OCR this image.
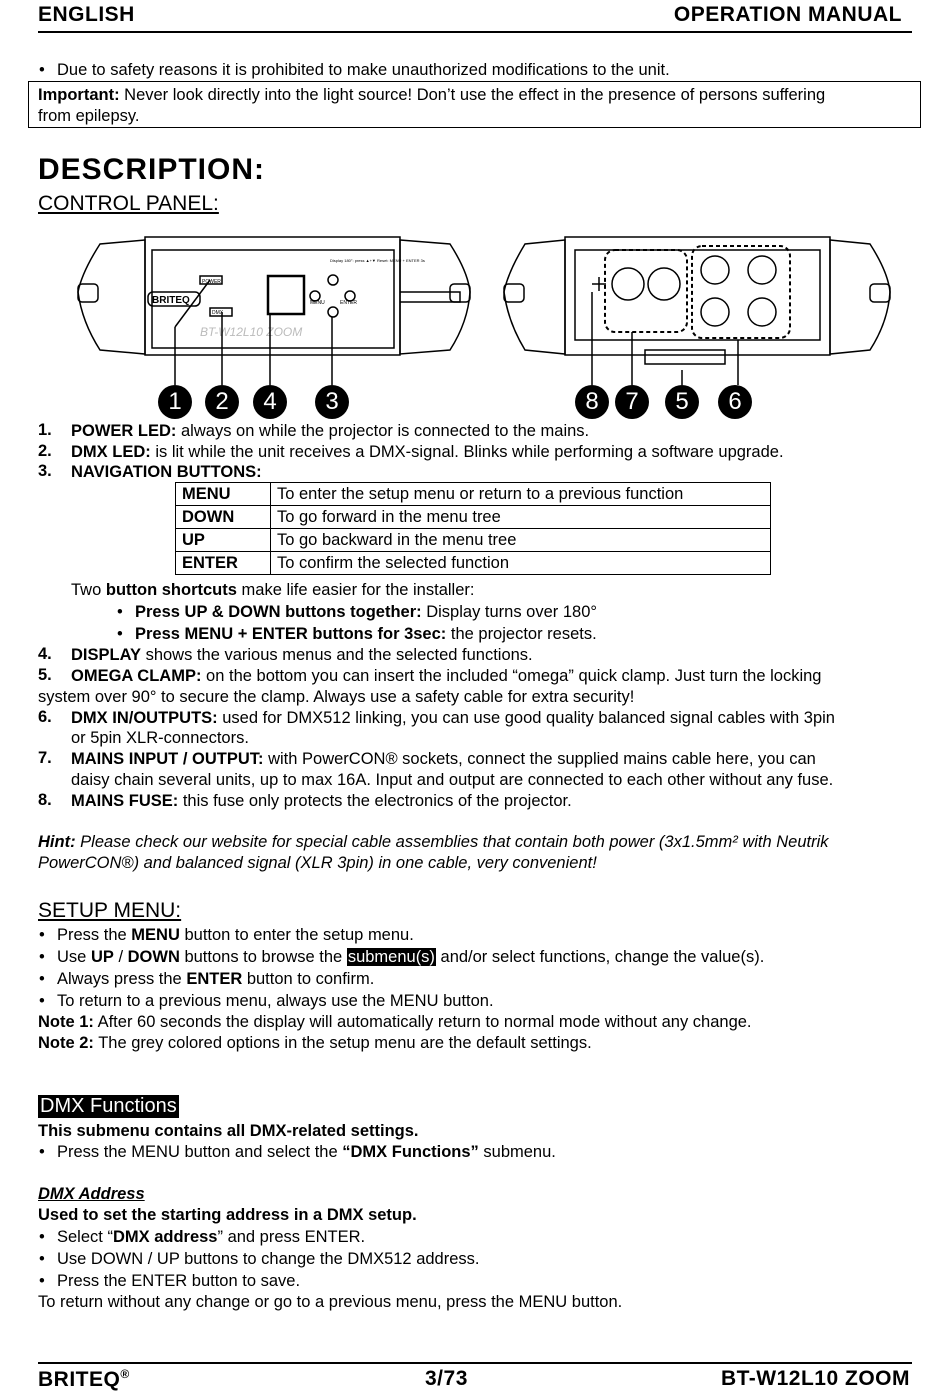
ENGLISH	OPERATION MANUAL
• Due to safety reasons it is prohibited to make unauthorized modifications to the unit.
Important: Never look directly into the light source! Don’t use the effect in the presence of persons suffering
from epilepsy.
DESCRIPTION:
CONTROL PANEL:
BRITEQ
POWER
DMX
MENU	ENTER
BT-W12L10 ZOOM
Display 180°: press ▲+▼ Reset: MENU + ENTER 3s
1	2	4	3	8	7	5	6
1. POWER LED: always on while the projector is connected to the mains.
2. DMX LED: is lit while the unit receives a DMX-signal. Blinks while performing a software upgrade.
3. NAVIGATION BUTTONS:
MENU	To enter the setup menu or return to a previous function
DOWN	To go forward in the menu tree
UP	To go backward in the menu tree
ENTER	To confirm the selected function
Two button shortcuts make life easier for the installer:
• Press UP & DOWN buttons together: Display turns over 180°
• Press MENU + ENTER buttons for 3sec: the projector resets.
4. DISPLAY shows the various menus and the selected functions.
5. OMEGA CLAMP: on the bottom you can insert the included “omega” quick clamp. Just turn the locking
system over 90° to secure the clamp. Always use a safety cable for extra security!
6. DMX IN/OUTPUTS: used for DMX512 linking, you can use good quality balanced signal cables with 3pin
or 5pin XLR-connectors.
7. MAINS INPUT / OUTPUT: with PowerCON® sockets, connect the supplied mains cable here, you can
daisy chain several units, up to max 16A. Input and output are connected to each other without any fuse.
8. MAINS FUSE: this fuse only protects the electronics of the projector.
Hint: Please check our website for special cable assemblies that contain both power (3x1.5mm² with Neutrik
PowerCON®) and balanced signal (XLR 3pin) in one cable, very convenient!
SETUP MENU:
• Press the MENU button to enter the setup menu.
• Use UP / DOWN buttons to browse the submenu(s) and/or select functions, change the value(s).
• Always press the ENTER button to confirm.
• To return to a previous menu, always use the MENU button.
Note 1: After 60 seconds the display will automatically return to normal mode without any change.
Note 2: The grey colored options in the setup menu are the default settings.
DMX Functions
This submenu contains all DMX-related settings.
• Press the MENU button and select the “DMX Functions” submenu.
DMX Address
Used to set the starting address in a DMX setup.
• Select “DMX address” and press ENTER.
• Use DOWN / UP buttons to change the DMX512 address.
• Press the ENTER button to save.
To return without any change or go to a previous menu, press the MENU button.
BRITEQ®	3/73	BT-W12L10 ZOOM
